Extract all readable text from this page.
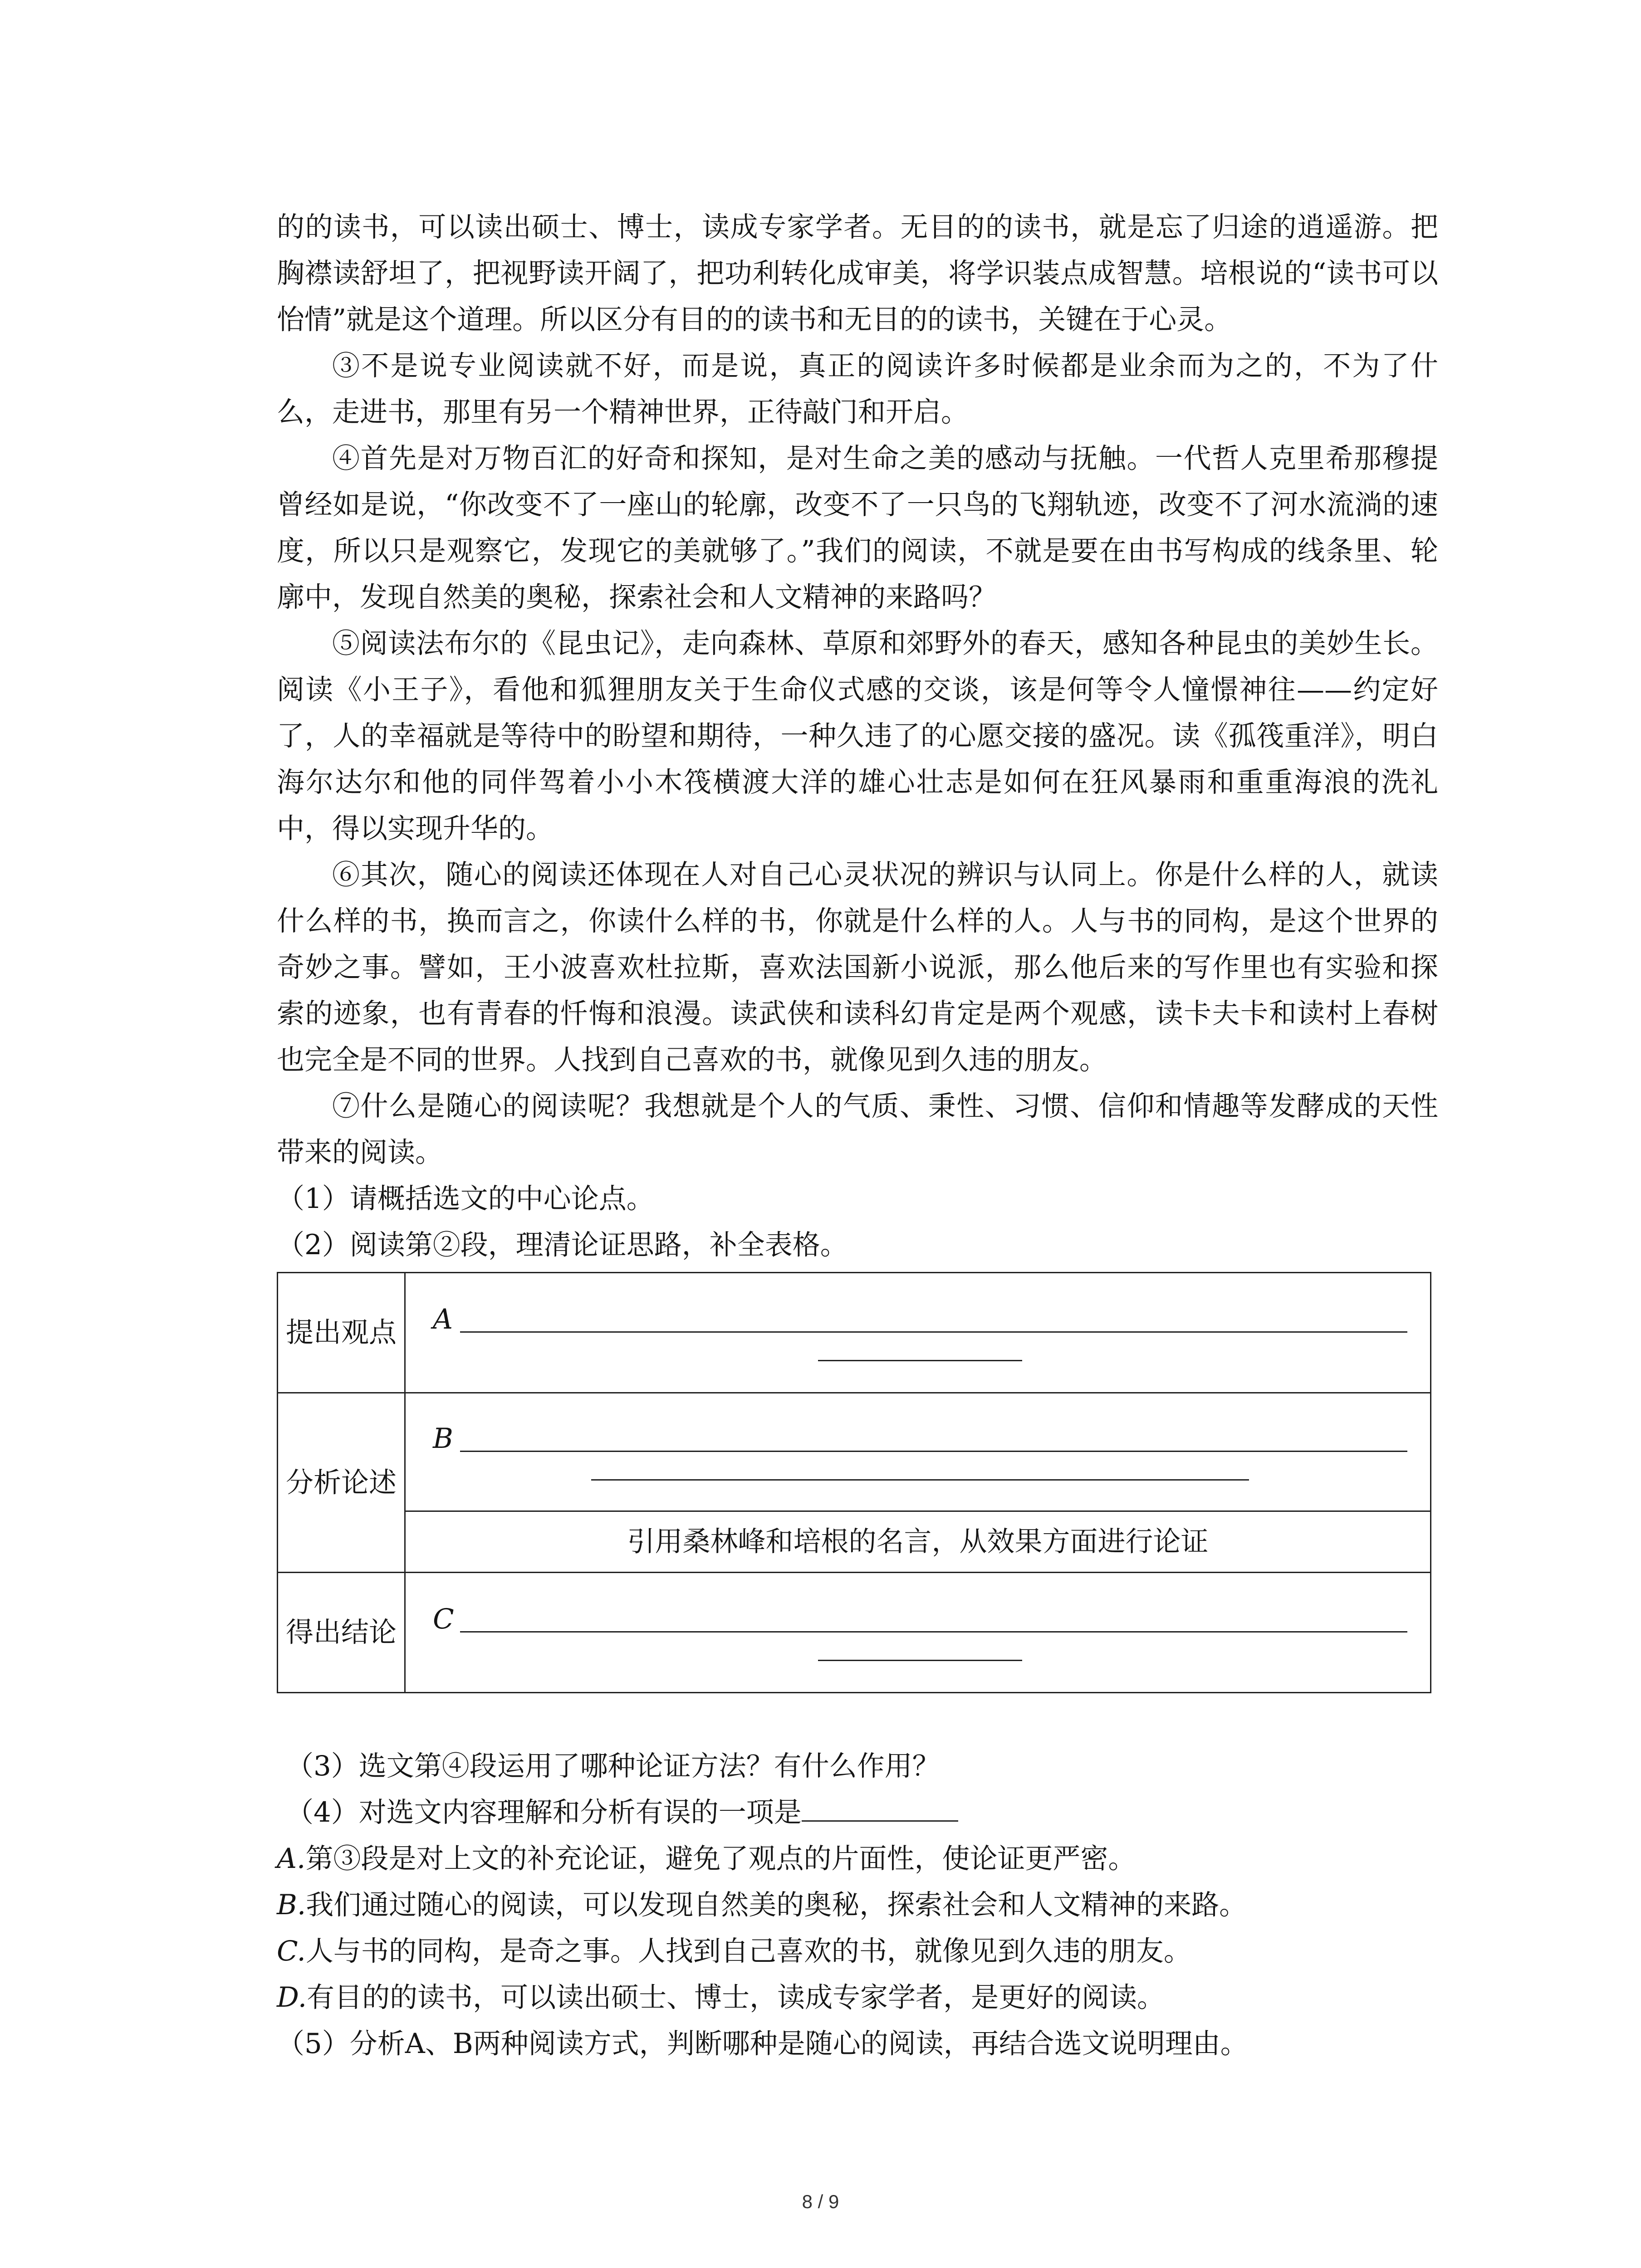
的的读书，可以读出硕士、博士，读成专家学者。无目的的读书，就是忘了归途的逍遥游。把胸襟读舒坦了，把视野读开阔了，把功利转化成审美，将学识装点成智慧。培根说的“读书可以怡情”就是这个道理。所以区分有目的的读书和无目的的读书，关键在于心灵。

③不是说专业阅读就不好，而是说，真正的阅读许多时候都是业余而为之的，不为了什么，走进书，那里有另一个精神世界，正待敲门和开启。

④首先是对万物百汇的好奇和探知，是对生命之美的感动与抚触。一代哲人克里希那穆提曾经如是说，“你改变不了一座山的轮廓，改变不了一只鸟的飞翔轨迹，改变不了河水流淌的速度，所以只是观察它，发现它的美就够了。”我们的阅读，不就是要在由书写构成的线条里、轮廓中，发现自然美的奥秘，探索社会和人文精神的来路吗？

⑤阅读法布尔的《昆虫记》，走向森林、草原和郊野外的春天，感知各种昆虫的美妙生长。阅读《小王子》，看他和狐狸朋友关于生命仪式感的交谈，该是何等令人憧憬神往——约定好了，人的幸福就是等待中的盼望和期待，一种久违了的心愿交接的盛况。读《孤筏重洋》，明白海尔达尔和他的同伴驾着小小木筏横渡大洋的雄心壮志是如何在狂风暴雨和重重海浪的洗礼中，得以实现升华的。

⑥其次，随心的阅读还体现在人对自己心灵状况的辨识与认同上。你是什么样的人，就读什么样的书，换而言之，你读什么样的书，你就是什么样的人。人与书的同构，是这个世界的奇妙之事。譬如，王小波喜欢杜拉斯，喜欢法国新小说派，那么他后来的写作里也有实验和探索的迹象，也有青春的忏悔和浪漫。读武侠和读科幻肯定是两个观感，读卡夫卡和读村上春树也完全是不同的世界。人找到自己喜欢的书，就像见到久违的朋友。

⑦什么是随心的阅读呢？我想就是个人的气质、秉性、习惯、信仰和情趣等发酵成的天性带来的阅读。

（1）请概括选文的中心论点。

（2）阅读第②段，理清论证思路，补全表格。

提出观点	A

分析论述	B

	引用桑林峰和培根的名言，从效果方面进行论证
得出结论	C

（3）选文第④段运用了哪种论证方法？有什么作用？

（4）对选文内容理解和分析有误的一项是

A.第③段是对上文的补充论证，避免了观点的片面性，使论证更严密。

B.我们通过随心的阅读，可以发现自然美的奥秘，探索社会和人文精神的来路。

C.人与书的同构，是奇之事。人找到自己喜欢的书，就像见到久违的朋友。

D.有目的的读书，可以读出硕士、博士，读成专家学者，是更好的阅读。

（5）分析A、B两种阅读方式，判断哪种是随心的阅读，再结合选文说明理由。

8 / 9
